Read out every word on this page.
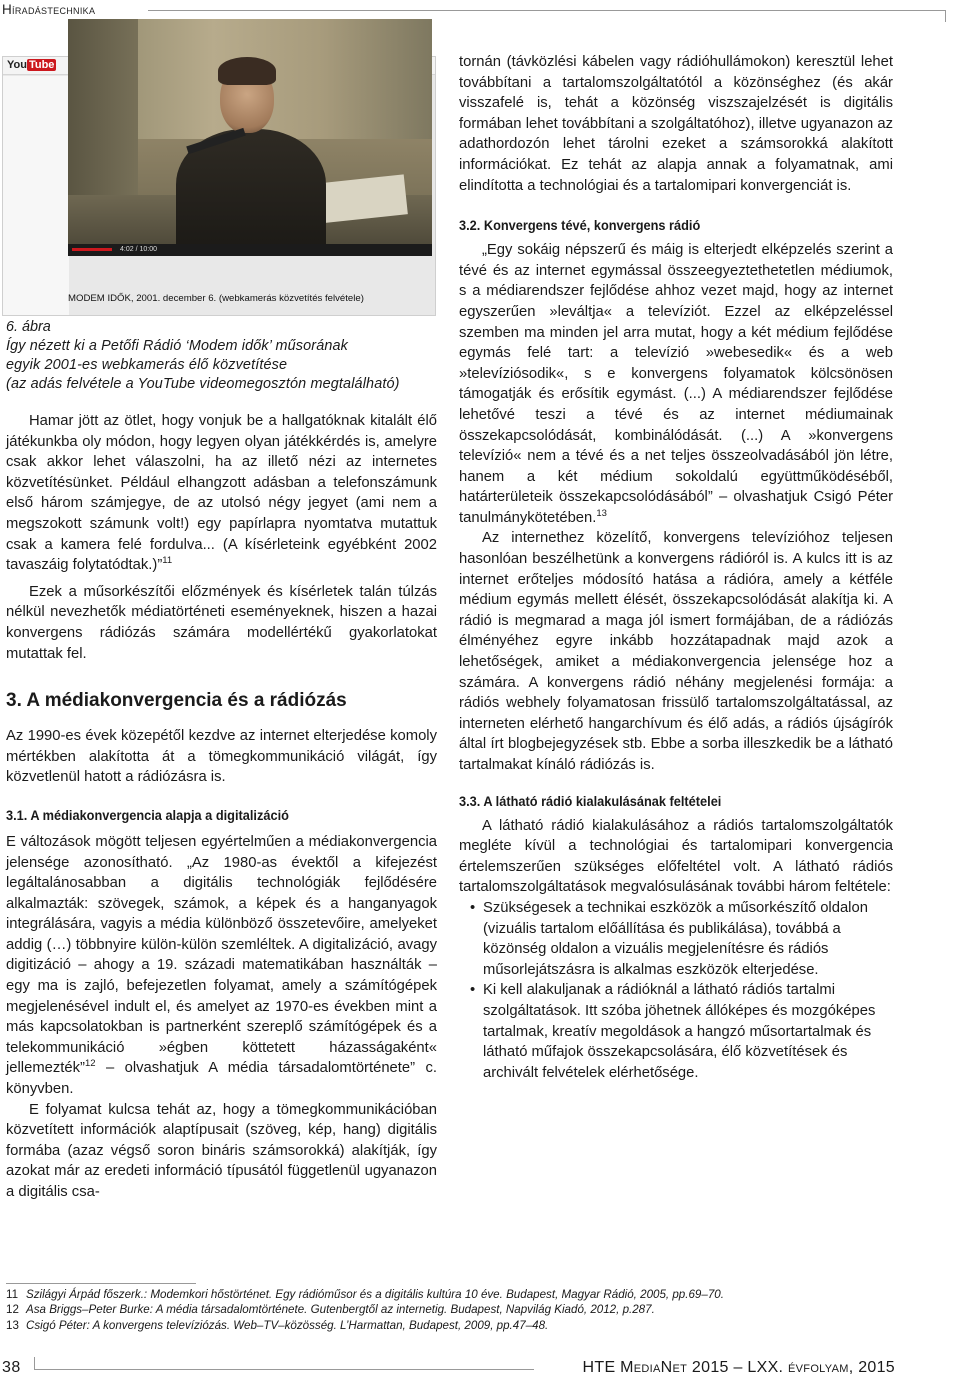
Híradástechnika
You Tube
4:02 / 10:00
MODEM IDŐK, 2001. december 6. (webkamerás közvetítés felvétele)
6. ábra
Így nézett ki a Petőfi Rádió ‘Modem idők’ műsorának
egyik 2001-es webkamerás élő közvetítése
(az adás felvétele a YouTube videomegosztón megtalálható)

Hamar jött az ötlet, hogy vonjuk be a hallgatóknak kitalált élő játékunkba oly módon, hogy legyen olyan játékkérdés is, amelyre csak akkor lehet válaszolni, ha az illető nézi az internetes közvetítésünket. Például elhangzott adásban a telefonszámunk első három számjegye, de az utolsó négy jegyet (ami nem a megszokott számunk volt!) egy papírlapra nyomtatva mutattuk csak a kamera felé fordulva... (A kísérleteink egyébként 2002 tavaszáig folytatódtak.)”$^{11}$

Ezek a műsorkészítői előzmények és kísérletek talán túlzás nélkül nevezhetők médiatörténeti eseményeknek, hiszen a hazai konvergens rádiózás számára modellértékű gyakorlatokat mutattak fel.

3. A médiakonvergencia és a rádiózás

Az 1990-es évek közepétől kezdve az internet elterjedése komoly mértékben alakította át a tömegkommunikáció világát, így közvetlenül hatott a rádiózásra is.

3.1. A médiakonvergencia alapja a digitalizáció

E változások mögött teljesen egyértelműen a médiakonvergencia jelensége azonosítható. „Az 1980-as évektől a kifejezést legáltalánosabban a digitális technológiák fejlődésére alkalmazták: szövegek, számok, a képek és a hanganyagok integrálására, vagyis a média különböző összetevőire, amelyeket addig (…) többnyire külön-külön szemléltek. A digitalizáció, avagy digitizáció – ahogy a 19. századi matematikában használták – egy ma is zajló, befejezetlen folyamat, amely a számítógépek megjelenésével indult el, és amelyet az 1970-es években mint a más kapcsolatokban is partnerként szereplő számítógépek és a telekommunikáció »égben köttetett házasságaként« jellemezték”$^{12}$ – olvashatjuk A média társadalomtörténete” c. könyvben.

E folyamat kulcsa tehát az, hogy a tömegkommunikációban közvetített információk alaptípusait (szöveg, kép, hang) digitális formába (azaz végső soron bináris számsorokká) alakítják, így azokat már az eredeti információ típusától függetlenül ugyanazon a digitális csa-

tornán (távközlési kábelen vagy rádióhullámokon) keresztül lehet továbbítani a tartalomszolgáltatótól a közönséghez (és akár visszafelé is, tehát a közönség viszszajelzését is digitális formában lehet továbbítani a szolgáltatóhoz), illetve ugyanazon az adathordozón lehet tárolni ezeket a számsorokká alakított információkat. Ez tehát az alapja annak a folyamatnak, ami elindította a technológiai és a tartalomipari konvergenciát is.

3.2. Konvergens tévé, konvergens rádió

„Egy sokáig népszerű és máig is elterjedt elképzelés szerint a tévé és az internet egymással összeegyeztethetetlen médiumok, s a médiarendszer fejlődése ahhoz vezet majd, hogy az internet egyszerűen »leváltja« a televíziót. Ezzel az elképzeléssel szemben ma minden jel arra mutat, hogy a két médium fejlődése egymás felé tart: a televízió »webesedik« és a web »televíziósodik«, s e konvergens folyamatok kölcsönösen támogatják és erősítik egymást. (...) A médiarendszer fejlődése lehetővé teszi a tévé és az internet médiumainak összekapcsolódását, kombinálódását. (...) A »konvergens televízió« nem a tévé és a net teljes összeolvadásából jön létre, hanem a két médium sokoldalú együttműködéséből, határterületeik összekapcsolódásából” – olvashatjuk Csigó Péter tanulmánykötetében.$^{13}$

Az internethez közelítő, konvergens televízióhoz teljesen hasonlóan beszélhetünk a konvergens rádióról is. A kulcs itt is az internet erőteljes módosító hatása a rádióra, amely a kétféle médium egymás mellett élését, összekapcsolódását alakítja ki. A rádió is megmarad a maga jól ismert formájában, de a rádiózás élményéhez egyre inkább hozzátapadnak majd azok a lehetőségek, amiket a médiakonvergencia jelensége hoz a számára. A konvergens rádió néhány megjelenési formája: a rádiós webhely folyamatosan frissülő tartalomszolgáltatással, az interneten elérhető hangarchívum és élő adás, a rádiós újságírók által írt blogbejegyzések stb. Ebbe a sorba illeszkedik be a látható tartalmakat kínáló rádiózás is.

3.3. A látható rádió kialakulásának feltételei

A látható rádió kialakulásához a rádiós tartalomszolgáltatók megléte kívül a technológiai és tartalomipari konvergencia értelemszerűen szükséges előfeltétel volt. A látható rádiós tartalomszolgáltatások megvalósulásának további három feltétele:

• Szükségesek a technikai eszközök a műsorkészítő oldalon (vizuális tartalom előállítása és publikálása), továbbá a közönség oldalon a vizuális megjelenítésre és rádiós műsorlejátszásra is alkalmas eszközök elterjedése.
• Ki kell alakuljanak a rádióknál a látható rádiós tartalmi szolgáltatások. Itt szóba jöhetnek állóképes és mozgóképes tartalmak, kreatív megoldások a hangzó műsortartalmak és látható műfajok összekapcsolására, élő közvetítések és archivált felvételek elérhetősége.
11 Szilágyi Árpád főszerk.: Modemkori hőstörténet. Egy rádióműsor és a digitális kultúra 10 éve. Budapest, Magyar Rádió, 2005, pp.69–70.
12 Asa Briggs–Peter Burke: A média társadalomtörténete. Gutenbergtől az internetig. Budapest, Napvilág Kiadó, 2012, p.287.
13 Csigó Péter: A konvergens televíziózás. Web–TV–közösség. L’Harmattan, Budapest, 2009, pp.47–48.
38	HTE MediaNet 2015 – LXX. évfolyam, 2015
